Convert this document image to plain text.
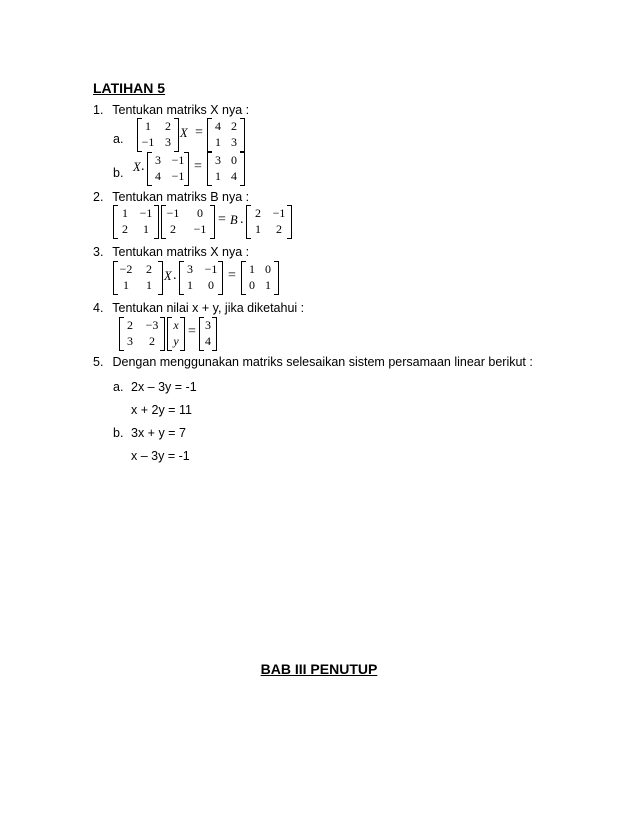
LATIHAN 5
1. Tentukan matriks X nya :
a.
1	2
−1 3
X =	4 2
1 3
b. X . 3 −1
4 −1
=	3 0
1 4
2. Tentukan matriks B nya :
1 −1
2	1
−1	0
2	−1
= B . 2 −1
1	2
3. Tentukan matriks X nya :
−2	2
1	1
X . 3 −1
1	0
=	1 0
0 1
4. Tentukan nilai x + y, jika diketahui :
2	−3
3	2
x
y
= 3
4
5. Dengan menggunakan matriks selesaikan sistem persamaan linear berikut :
a. 2x – 3y = -1
x + 2y = 11
b. 3x + y = 7
x – 3y = -1
BAB III PENUTUP
